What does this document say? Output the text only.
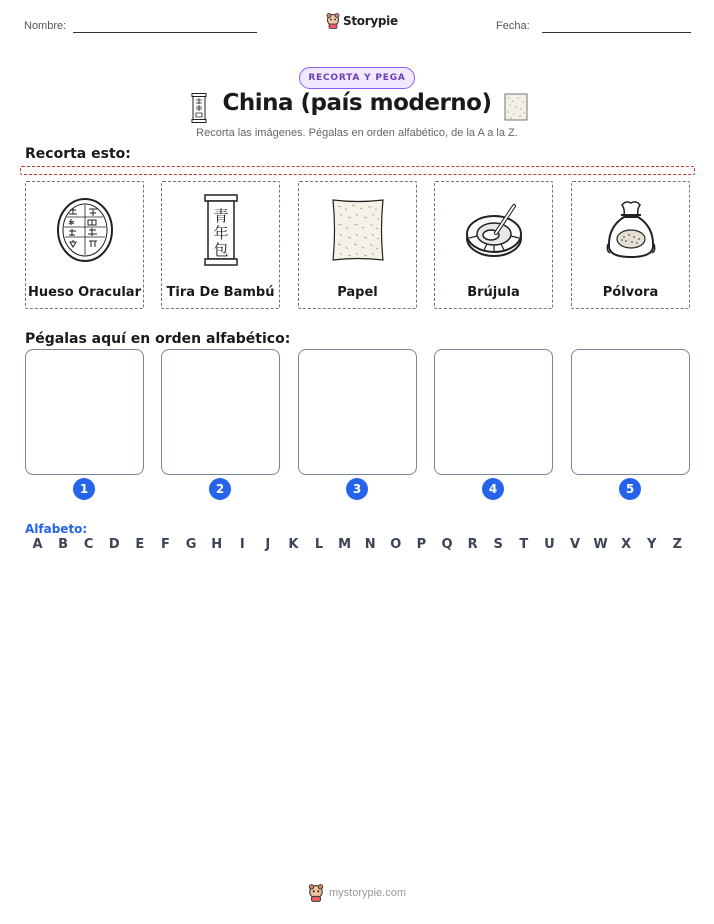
Nombre:	Storypie	Fecha:
RECORTA Y PEGA
China (país moderno)
Recorta las imágenes. Pégalas en orden alfabético, de la A a la Z.
Recorta esto:
Hueso Oracular
青
年
包
Tira De Bambú	Papel	Brújula	Pólvora
Pégalas aquí en orden alfabético:
1	2	3	4	5
Alfabeto:
A	B	C	D	E	F	G	H	I	J	K	L	M	N	O	P	Q	R	S	T	U	V	W	X	Y	Z
mystorypie.com
